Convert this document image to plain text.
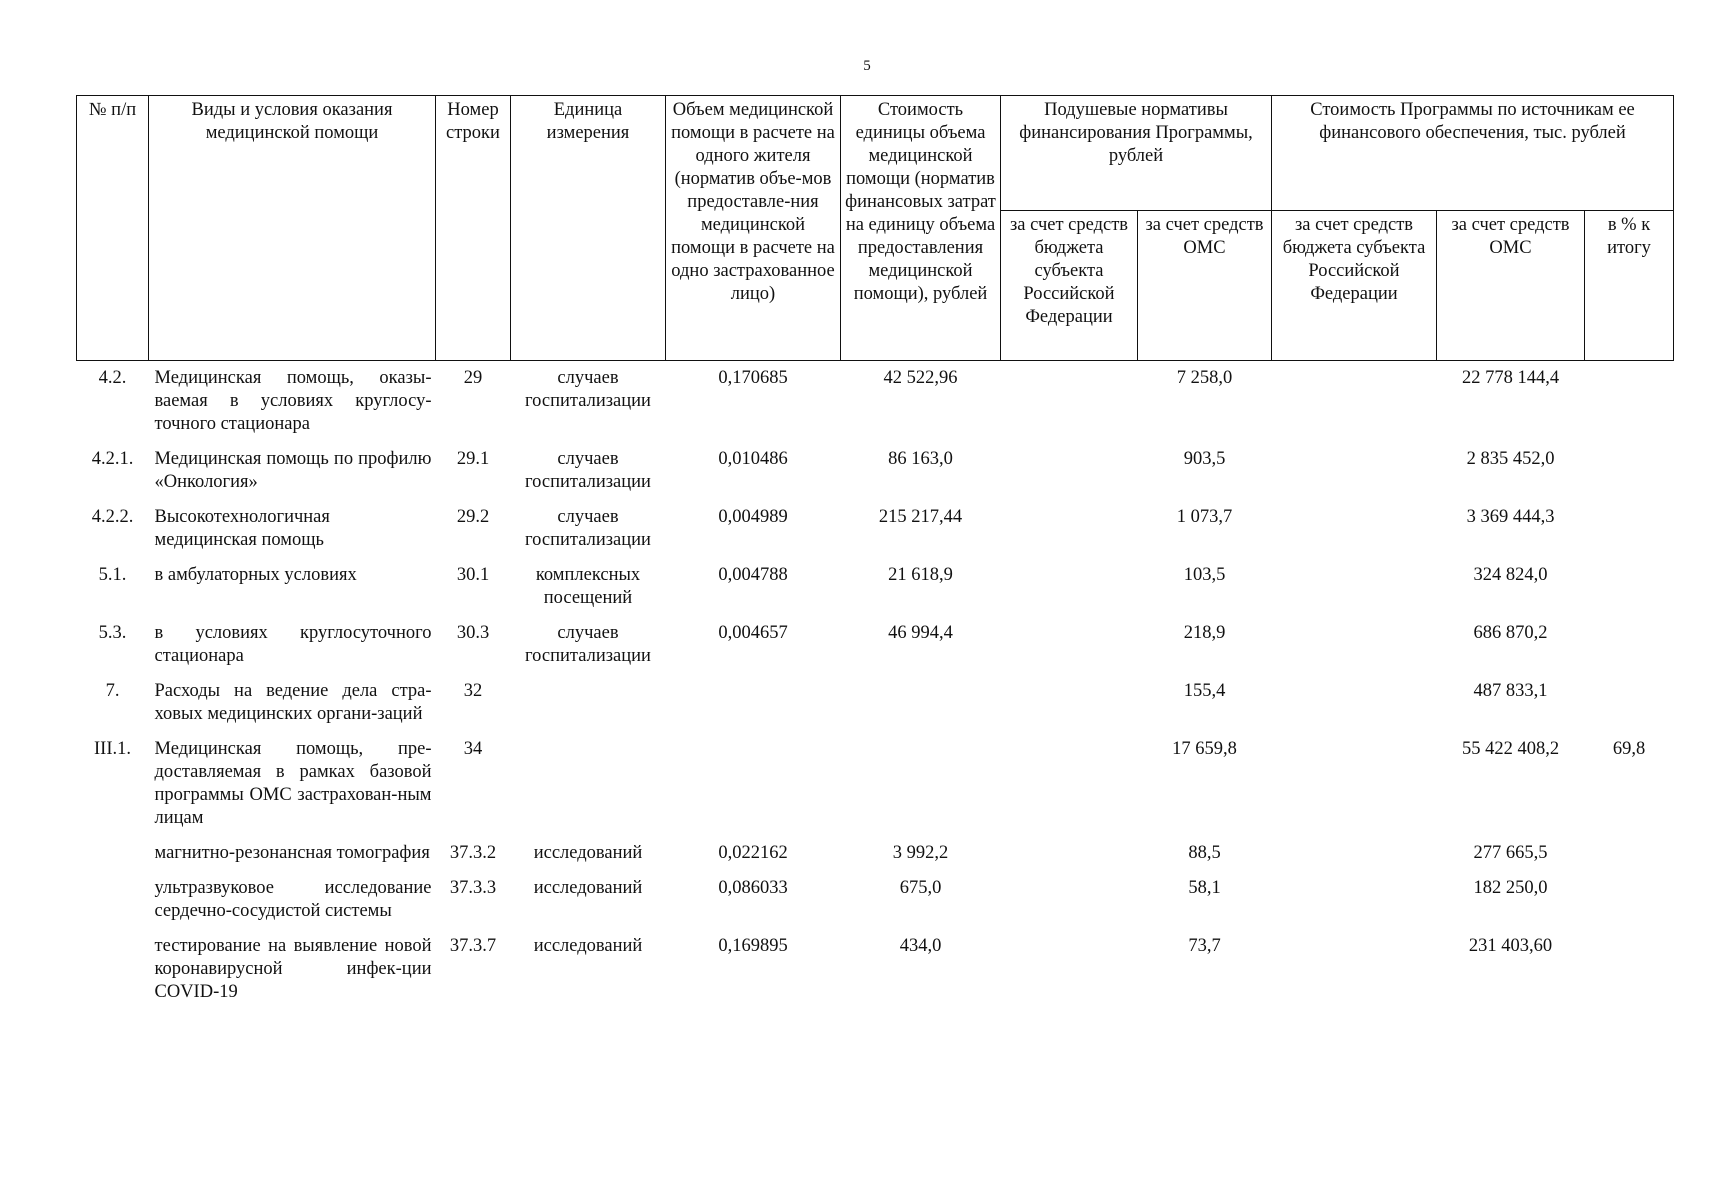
5
№ п/п	Виды и условия оказания медицинской помощи	Номер строки	Единица измерения	Объем медицинской помощи в расчете на одного жителя (норматив объе-мов предоставле-ния медицинской помощи в расчете на одно застрахованное лицо)	Стоимость единицы объема медицинской помощи (норматив финансовых затрат на единицу объема предоставления медицинской помощи), рублей	Подушевые нормативы финансирования Программы, рублей		Стоимость Программы по источникам ее финансового обеспечения, тыс. рублей		
						за счет средств бюджета субъекта Российской Федерации	за счет средств ОМС	за счет средств бюджета субъекта Российской Федерации	за счет средств ОМС	в % к итогу
4.2.	Медицинская помощь, оказы-ваемая в условиях круглосу-точного стационара	29	случаев госпитализации	0,170685	42 522,96		7 258,0		22 778 144,4	
4.2.1.	Медицинская помощь по профилю «Онкология»	29.1	случаев госпитализации	0,010486	86 163,0		903,5		2 835 452,0	
4.2.2.	Высокотехнологичная медицинская помощь	29.2	случаев госпитализации	0,004989	215 217,44		1 073,7		3 369 444,3	
5.1.	в амбулаторных условиях	30.1	комплексных посещений	0,004788	21 618,9		103,5		324 824,0	
5.3.	в условиях круглосуточного стационара	30.3	случаев госпитализации	0,004657	46 994,4		218,9		686 870,2	
7.	Расходы на ведение дела стра-ховых медицинских органи-заций	32					155,4		487 833,1	
III.1.	Медицинская помощь, пре-доставляемая в рамках базовой программы ОМС застрахован-ным лицам	34					17 659,8		55 422 408,2	69,8
	магнитно-резонансная томография	37.3.2	исследований	0,022162	3 992,2		88,5		277 665,5	
	ультразвуковое исследование сердечно-сосудистой системы	37.3.3	исследований	0,086033	675,0		58,1		182 250,0	
	тестирование на выявление новой коронавирусной инфек-ции COVID-19	37.3.7	исследований	0,169895	434,0		73,7		231 403,60	
